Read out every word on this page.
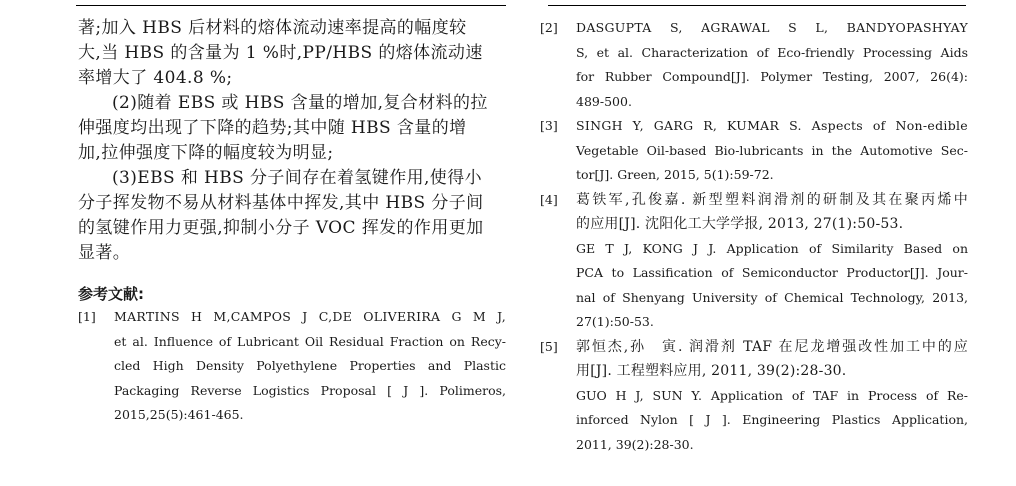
著;加入 HBS 后材料的熔体流动速率提高的幅度较
大,当 HBS 的含量为 1 %时,PP/HBS 的熔体流动速
率增大了 404.8 %;
(2)随着 EBS 或 HBS 含量的增加,复合材料的拉
伸强度均出现了下降的趋势;其中随 HBS 含量的增
加,拉伸强度下降的幅度较为明显;
(3)EBS 和 HBS 分子间存在着氢键作用,使得小
分子挥发物不易从材料基体中挥发,其中 HBS 分子间
的氢键作用力更强,抑制小分子 VOC 挥发的作用更加
显著。
参考文献:
[1]	MARTINS H M,CAMPOS J C,DE OLIVERIRA G M J,
et al. Influence of Lubricant Oil Residual Fraction on Recy-
cled High Density Polyethylene Properties and Plastic
Packaging Reverse Logistics Proposal [ J ]. Polimeros,
2015,25(5):461-465.
[2]	DASGUPTA S, AGRAWAL S L, BANDYOPASHYAY
S, et al. Characterization of Eco-friendly Processing Aids
for Rubber Compound[J]. Polymer Testing, 2007, 26(4):
489-500.
[3]	SINGH Y, GARG R, KUMAR S. Aspects of Non-edible
Vegetable Oil-based Bio-lubricants in the Automotive Sec-
tor[J]. Green, 2015, 5(1):59-72.
[4]	葛铁军,孔俊嘉. 新型塑料润滑剂的研制及其在聚丙烯中
的应用[J]. 沈阳化工大学学报, 2013, 27(1):50-53.
GE T J, KONG J J. Application of Similarity Based on
PCA to Lassification of Semiconductor Productor[J]. Jour-
nal of Shenyang University of Chemical Technology, 2013,
27(1):50-53.
[5]	郭恒杰,孙　寅. 润滑剂 TAF 在尼龙增强改性加工中的应
用[J]. 工程塑料应用, 2011, 39(2):28-30.
GUO H J, SUN Y. Application of TAF in Process of Re-
inforced Nylon [ J ]. Engineering Plastics Application,
2011, 39(2):28-30.
